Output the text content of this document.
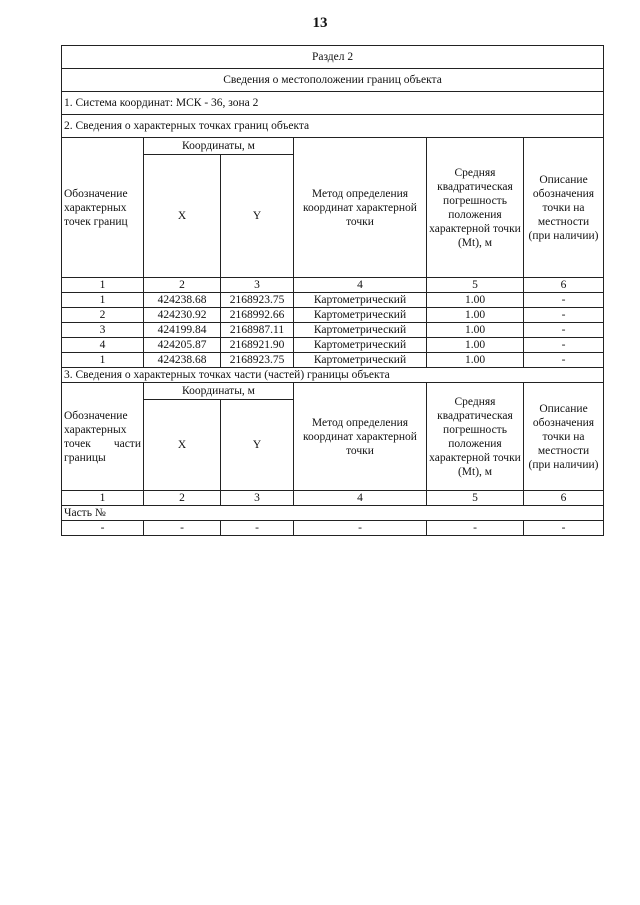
13
Раздел 2					
Сведения о местоположении границ объекта					
1. Система координат: МСК - 36, зона 2					
2. Сведения о характерных точках границ объекта					
Обозначение характерных точек границ	Координаты, м		Метод определения координат характерной точки	Средняя квадратическая погрешность положения характерной точки (Mt), м	Описание обозначения точки на местности (при наличии)
	X	Y			
1	2	3	4	5	6
1	424238.68	2168923.75	Картометрический	1.00	-
2	424230.92	2168992.66	Картометрический	1.00	-
3	424199.84	2168987.11	Картометрический	1.00	-
4	424205.87	2168921.90	Картометрический	1.00	-
1	424238.68	2168923.75	Картометрический	1.00	-
3. Сведения о характерных точках части (частей) границы объекта					
Обозначение характерных точек части границы	Координаты, м		Метод определения координат характерной точки	Средняя квадратическая погрешность положения характерной точки (Mt), м	Описание обозначения точки на местности (при наличии)
	X	Y			
1	2	3	4	5	6
Часть №					
-	-	-	-	-	-
